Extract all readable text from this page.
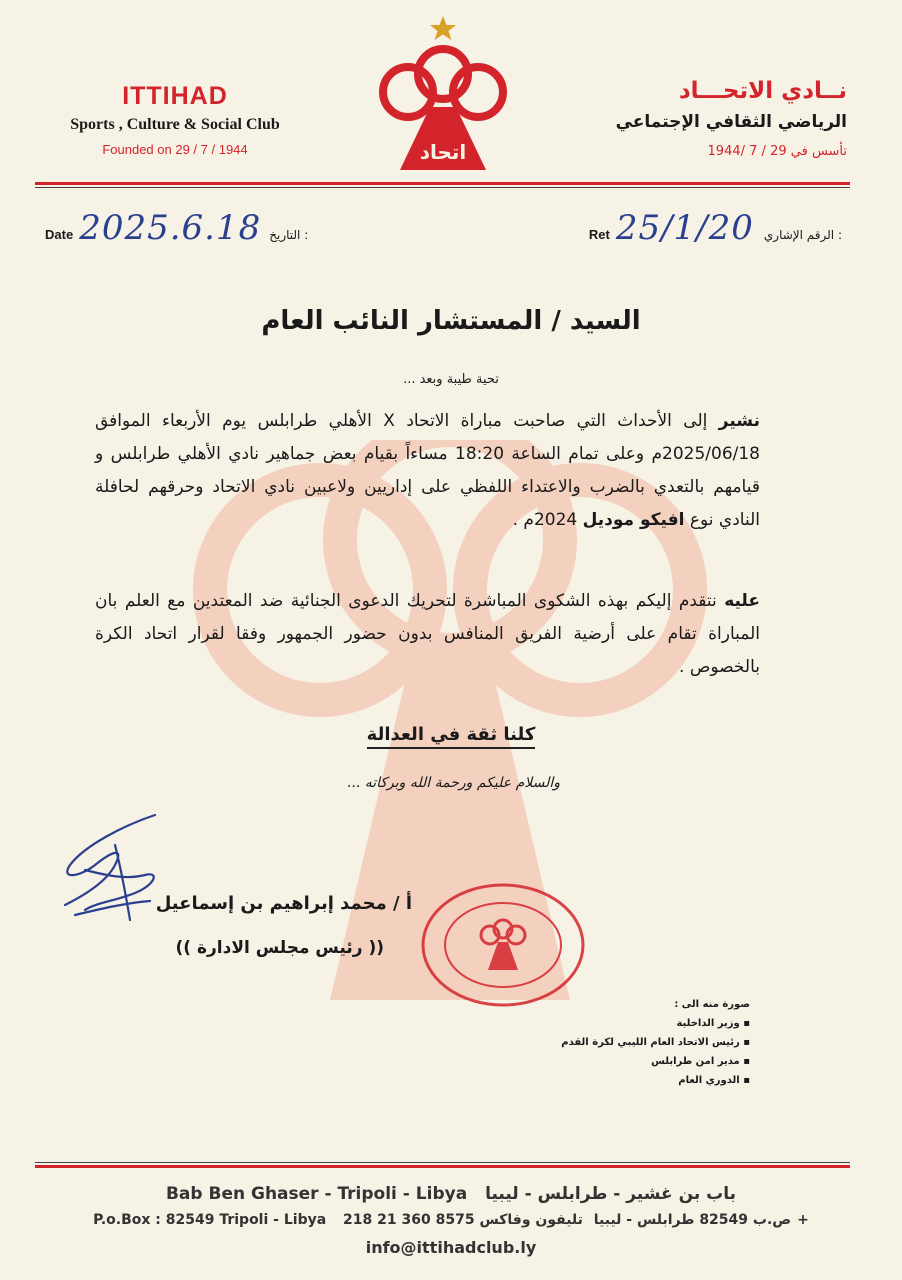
ITTIHAD
Sports , Culture & Social Club
Founded on 29 / 7 / 1944	اتحاد
نــادي الاتحـــاد
الرياضي الثقافي الإجتماعي
تأسس في 29 / 7 /1944
Date 2025.6.18 التاريخ :	Ret 25/1/20 الرقم الإشاري :
السيد / المستشار النائب العام
تحية طيبة وبعد ...

نشير إلى الأحداث التي صاحبت مباراة الاتحاد X الأهلي طرابلس يوم الأربعاء الموافق 2025/06/18م وعلى تمام الساعة 18:20 مساءاً بقيام بعض جماهير نادي الأهلي طرابلس و قيامهم بالتعدي بالضرب والاعتداء اللفظي على إداريين ولاعبين نادي الاتحاد وحرقهم لحافلة النادي نوع افيكو موديل 2024م .

عليه نتقدم إليكم بهذه الشكوى المباشرة لتحريك الدعوى الجنائية ضد المعتدين مع العلم بان المباراة تقام على أرضية الفريق المنافس بدون حضور الجمهور وفقا لقرار اتحاد الكرة بالخصوص .

كلنا ثقة في العدالة
والسلام عليكم ورحمة الله وبركاته ...
أ / محمد إبراهيم بن إسماعيل
(( رئيس مجلس الادارة ))
صورة منه الى :
▪ وزير الداخلية
▪ رئيس الاتحاد العام الليبي لكرة القدم
▪ مدير امن طرابلس
▪ الدوري العام
Bab Ben Ghaser - Tripoli - Libya باب بن غشير - طرابلس - ليبيا
P.o.Box : 82549 Tripoli - Libya	ص.ب 82549 طرابلس - ليبيا تليفون وفاكس 8575 360 21 218+
info@ittihadclub.ly
